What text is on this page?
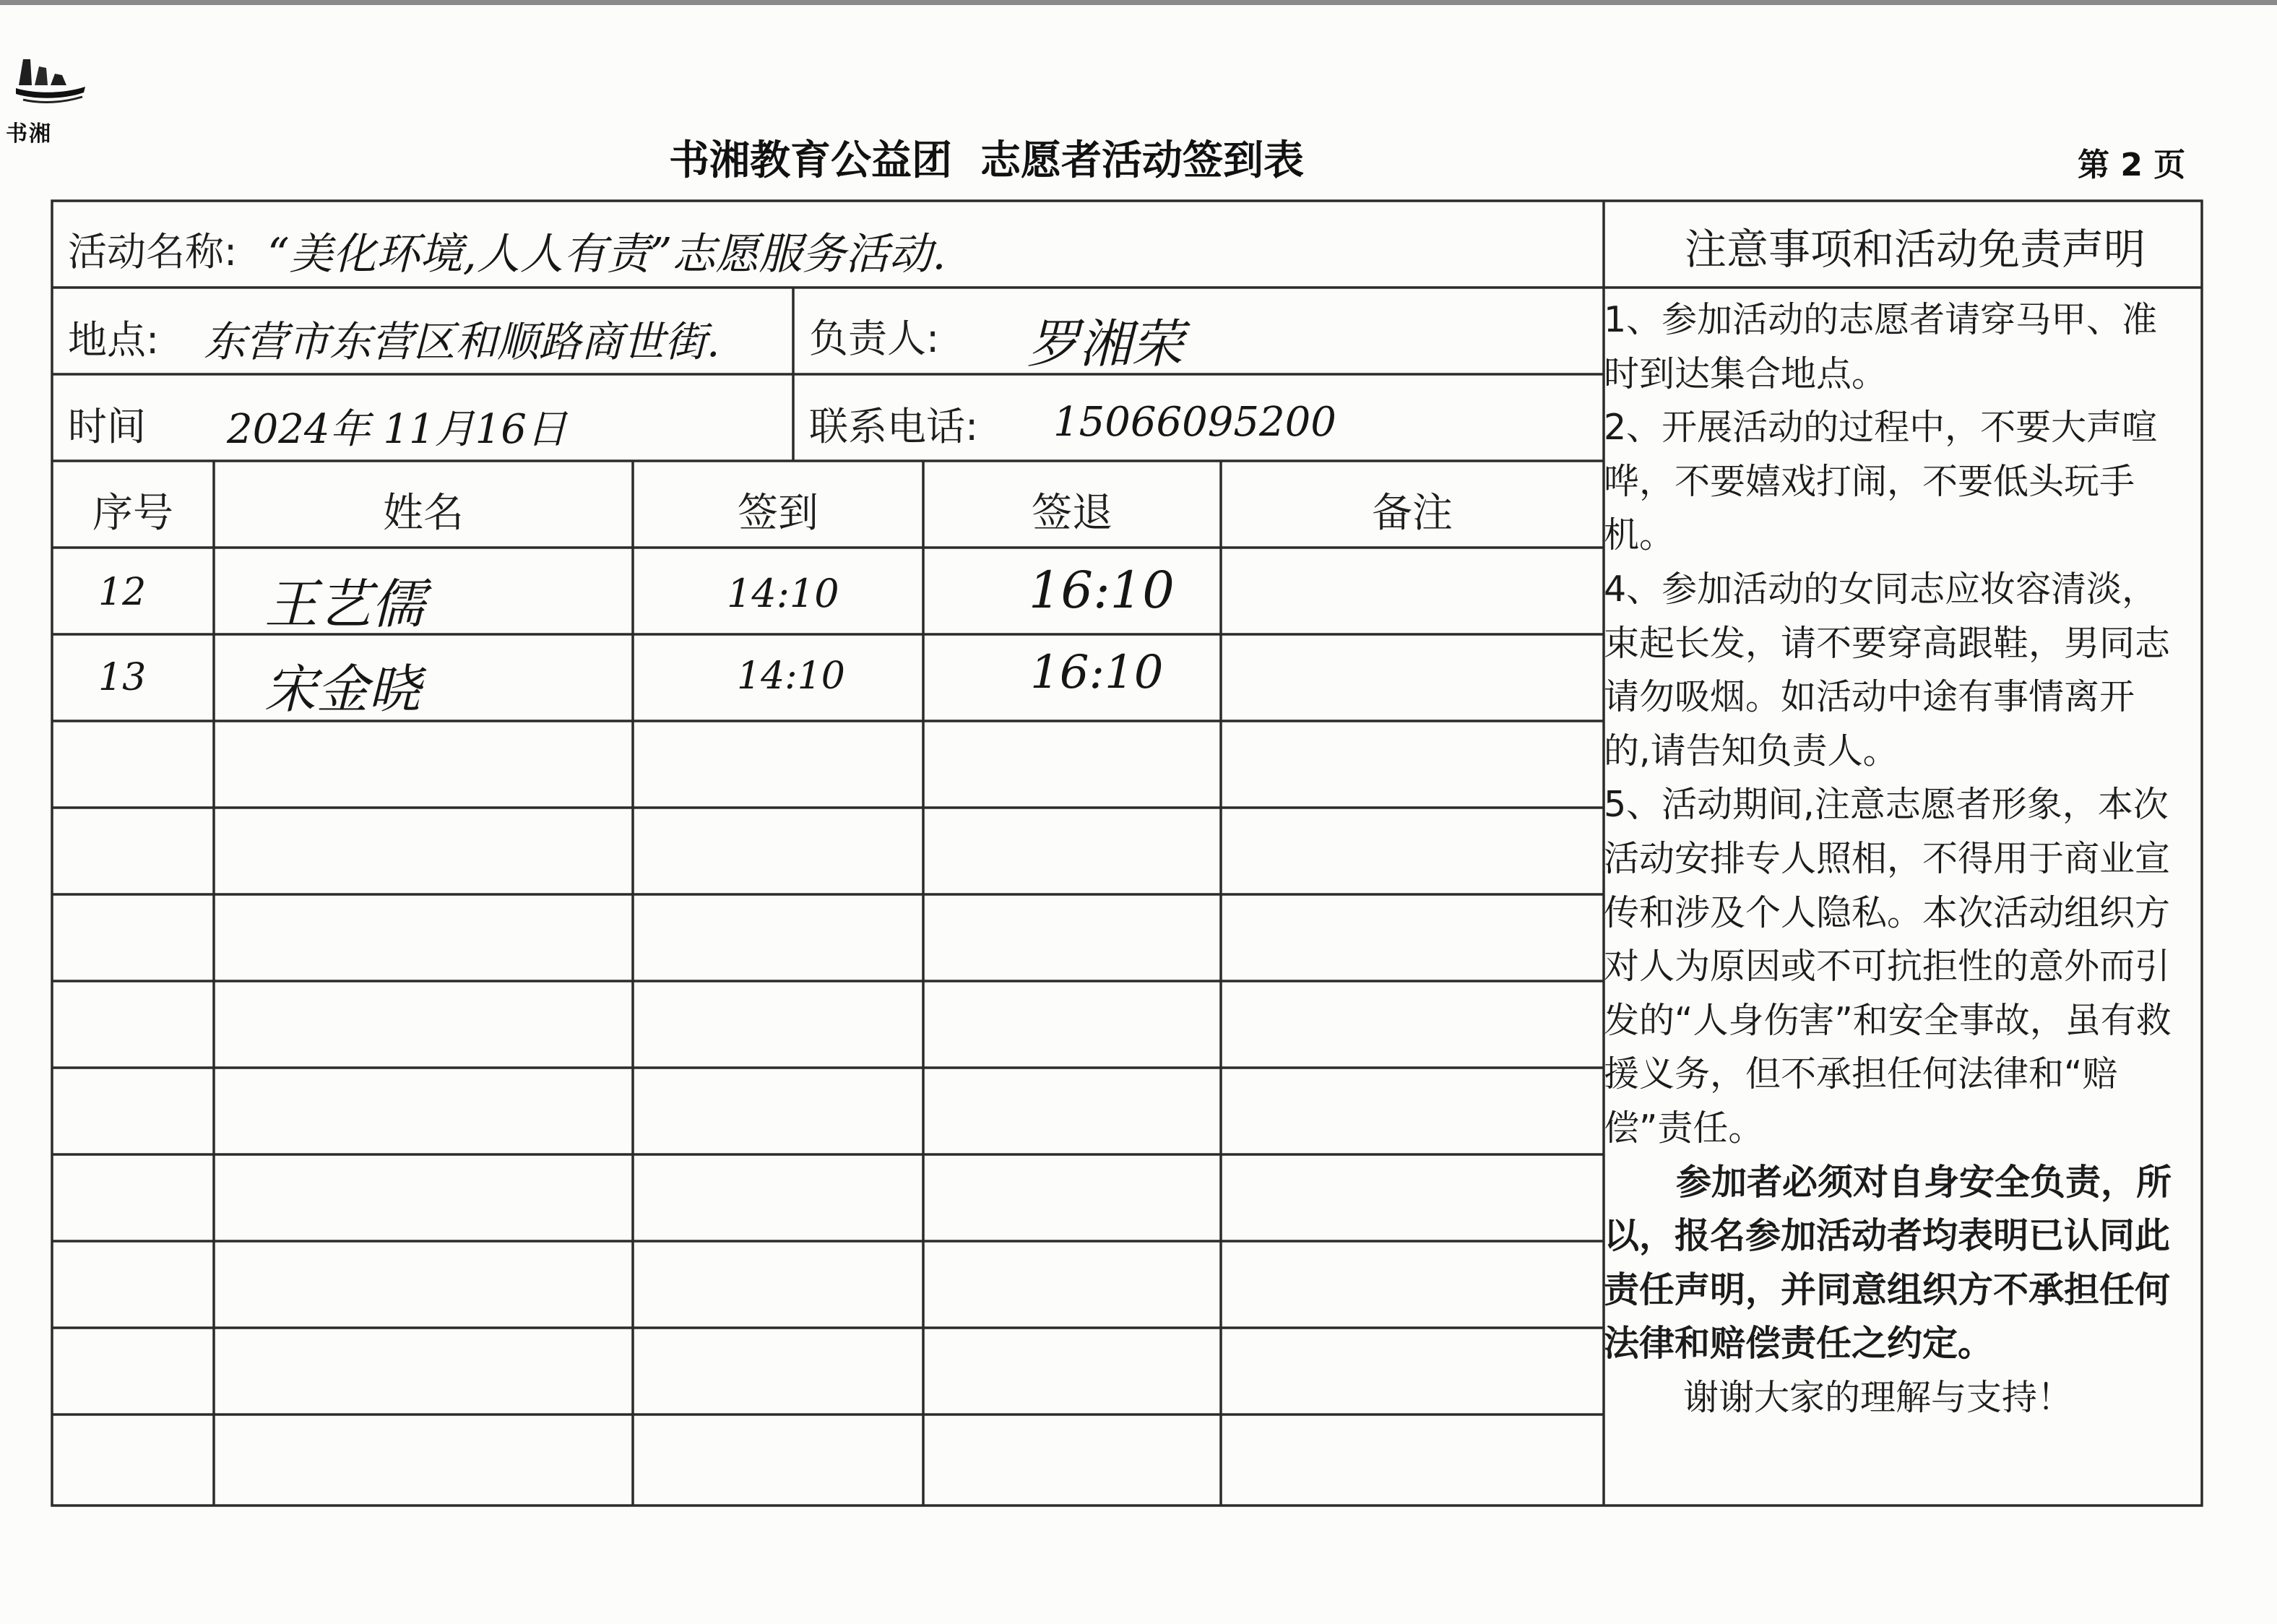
书湘
书湘教育公益团  志愿者活动签到表	第 2 页
活动名称: “美化环境,人人有责”志愿服务活动.
地点: 东营市东营区和顺路商世街. 负责人: 罗湘荣
时间 2024年 11月16日	联系电话: 15066095200
序号	姓名	签到	签退	备注
12 王艺儒	14:10	16:10
13 宋金晓	14:10	16:10
注意事项和活动免责声明

1、参加活动的志愿者请穿马甲、准时到达集合地点。

2、开展活动的过程中，不要大声喧哗，不要嬉戏打闹，不要低头玩手机。

4、参加活动的女同志应妆容清淡，束起长发，请不要穿高跟鞋，男同志请勿吸烟。如活动中途有事情离开的,请告知负责人。

5、活动期间,注意志愿者形象，本次活动安排专人照相，不得用于商业宣传和涉及个人隐私。本次活动组织方对人为原因或不可抗拒性的意外而引发的“人身伤害”和安全事故，虽有救援义务，但不承担任何法律和“赔偿”责任。

参加者必须对自身安全负责，所以，报名参加活动者均表明已认同此责任声明，并同意组织方不承担任何法律和赔偿责任之约定。

谢谢大家的理解与支持！
